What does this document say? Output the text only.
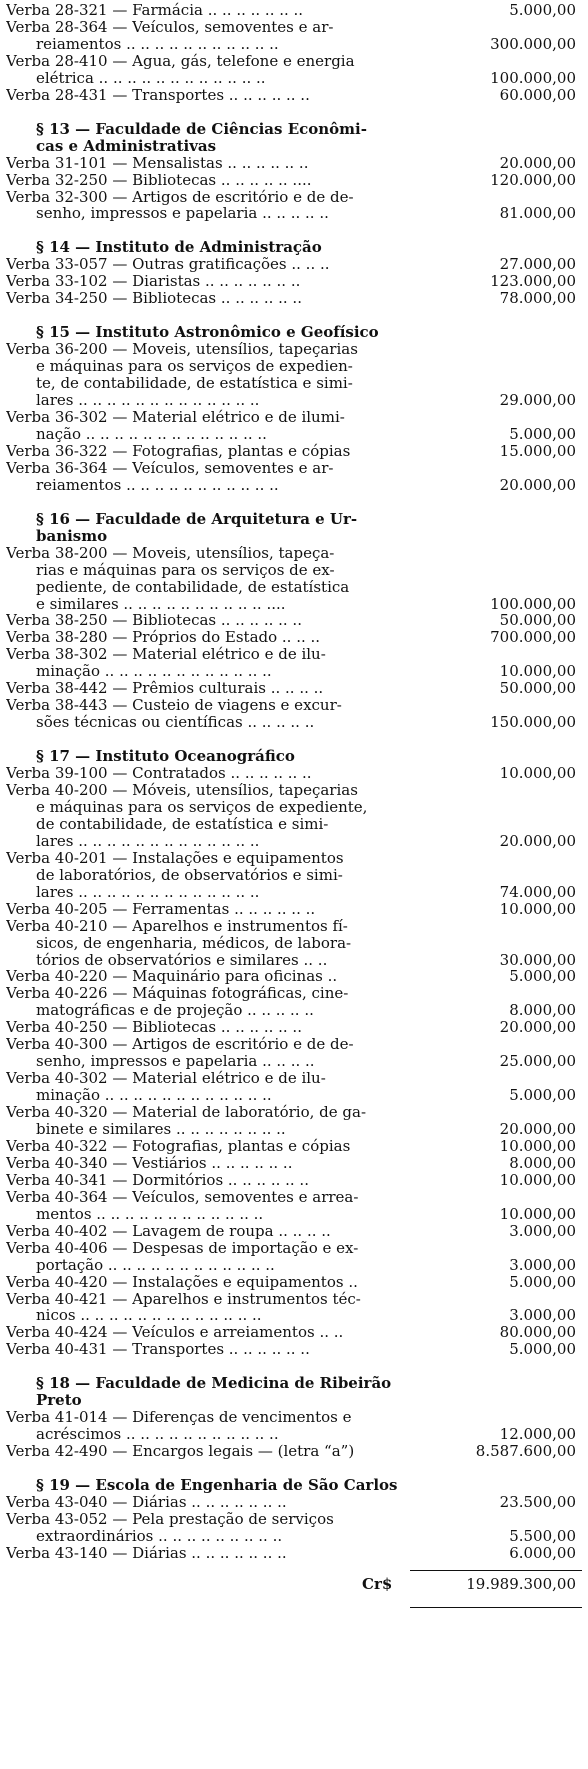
Verba 28-321 — Farmácia .. .. .. .. .. .. ..	5.000,00
Verba 28-364 — Veículos, semoventes e ar-
reiamentos .. .. .. .. .. .. .. .. .. .. ..	300.000,00
Verba 28-410 — Agua, gás, telefone e energia
elétrica .. .. .. .. .. .. .. .. .. .. .. ..	100.000,00
Verba 28-431 — Transportes .. .. .. .. .. ..	60.000,00
§ 13 — Faculdade de Ciências Econômi-
cas e Administrativas
Verba 31-101 — Mensalistas .. .. .. .. .. ..	20.000,00
Verba 32-250 — Bibliotecas .. .. .. .. .. ....	120.000,00
Verba 32-300 — Artigos de escritório e de de-
senho, impressos e papelaria .. .. .. .. ..	81.000,00
§ 14 — Instituto de Administração
Verba 33-057 — Outras gratificações .. .. ..	27.000,00
Verba 33-102 — Diaristas .. .. .. .. .. .. ..	123.000,00
Verba 34-250 — Bibliotecas .. .. .. .. .. ..	78.000,00
§ 15 — Instituto Astronômico e Geofísico
Verba 36-200 — Moveis, utensílios, tapeçarias
e máquinas para os serviços de expedien-
te, de contabilidade, de estatística e simi-
lares .. .. .. .. .. .. .. .. .. .. .. .. ..	29.000,00
Verba 36-302 — Material elétrico e de ilumi-
nação .. .. .. .. .. .. .. .. .. .. .. .. ..	5.000,00
Verba 36-322 — Fotografias, plantas e cópias	15.000,00
Verba 36-364 — Veículos, semoventes e ar-
reiamentos .. .. .. .. .. .. .. .. .. .. ..	20.000,00
§ 16 — Faculdade de Arquitetura e Ur-
banismo
Verba 38-200 — Moveis, utensílios, tapeça-
rias e máquinas para os serviços de ex-
pediente, de contabilidade, de estatística
e similares .. .. .. .. .. .. .. .. .. .. ....	100.000,00
Verba 38-250 — Bibliotecas .. .. .. .. .. ..	50.000,00
Verba 38-280 — Próprios do Estado .. .. ..	700.000,00
Verba 38-302 — Material elétrico e de ilu-
minação .. .. .. .. .. .. .. .. .. .. .. ..	10.000,00
Verba 38-442 — Prêmios culturais .. .. .. ..	50.000,00
Verba 38-443 — Custeio de viagens e excur-
sões técnicas ou científicas .. .. .. .. ..	150.000,00
§ 17 — Instituto Oceanográfico
Verba 39-100 — Contratados .. .. .. .. .. ..	10.000,00
Verba 40-200 — Móveis, utensílios, tapeçarias
e máquinas para os serviços de expediente,
de contabilidade, de estatística e simi-
lares .. .. .. .. .. .. .. .. .. .. .. .. ..	20.000,00
Verba 40-201 — Instalações e equipamentos
de laboratórios, de observatórios e simi-
lares .. .. .. .. .. .. .. .. .. .. .. .. ..	74.000,00
Verba 40-205 — Ferramentas .. .. .. .. .. ..	10.000,00
Verba 40-210 — Aparelhos e instrumentos fí-
sicos, de engenharia, médicos, de labora-
tórios de observatórios e similares .. ..	30.000,00
Verba 40-220 — Maquinário para oficinas ..	5.000,00
Verba 40-226 — Máquinas fotográficas, cine-
matográficas e de projeção .. .. .. .. ..	8.000,00
Verba 40-250 — Bibliotecas .. .. .. .. .. ..	20.000,00
Verba 40-300 — Artigos de escritório e de de-
senho, impressos e papelaria .. .. .. ..	25.000,00
Verba 40-302 — Material elétrico e de ilu-
minação .. .. .. .. .. .. .. .. .. .. .. ..	5.000,00
Verba 40-320 — Material de laboratório, de ga-
binete e similares .. .. .. .. .. .. .. ..	20.000,00
Verba 40-322 — Fotografias, plantas e cópias	10.000,00
Verba 40-340 — Vestiários .. .. .. .. .. ..	8.000,00
Verba 40-341 — Dormitórios .. .. .. .. .. ..	10.000,00
Verba 40-364 — Veículos, semoventes e arrea-
mentos .. .. .. .. .. .. .. .. .. .. .. ..	10.000,00
Verba 40-402 — Lavagem de roupa .. .. .. ..	3.000,00
Verba 40-406 — Despesas de importação e ex-
portação .. .. .. .. .. .. .. .. .. .. .. ..	3.000,00
Verba 40-420 — Instalações e equipamentos ..	5.000,00
Verba 40-421 — Aparelhos e instrumentos téc-
nicos .. .. .. .. .. .. .. .. .. .. .. .. ..	3.000,00
Verba 40-424 — Veículos e arreiamentos .. ..	80.000,00
Verba 40-431 — Transportes .. .. .. .. .. ..	5.000,00
§ 18 — Faculdade de Medicina de Ribeirão
Preto
Verba 41-014 — Diferenças de vencimentos e
acréscimos .. .. .. .. .. .. .. .. .. .. ..	12.000,00
Verba 42-490 — Encargos legais — (letra “a”)	8.587.600,00
§ 19 — Escola de Engenharia de São Carlos
Verba 43-040 — Diárias .. .. .. .. .. .. ..	23.500,00
Verba 43-052 — Pela prestação de serviços
extraordinários .. .. .. .. .. .. .. .. ..	5.500,00
Verba 43-140 — Diárias .. .. .. .. .. .. ..	6.000,00
Cr$	19.989.300,00
